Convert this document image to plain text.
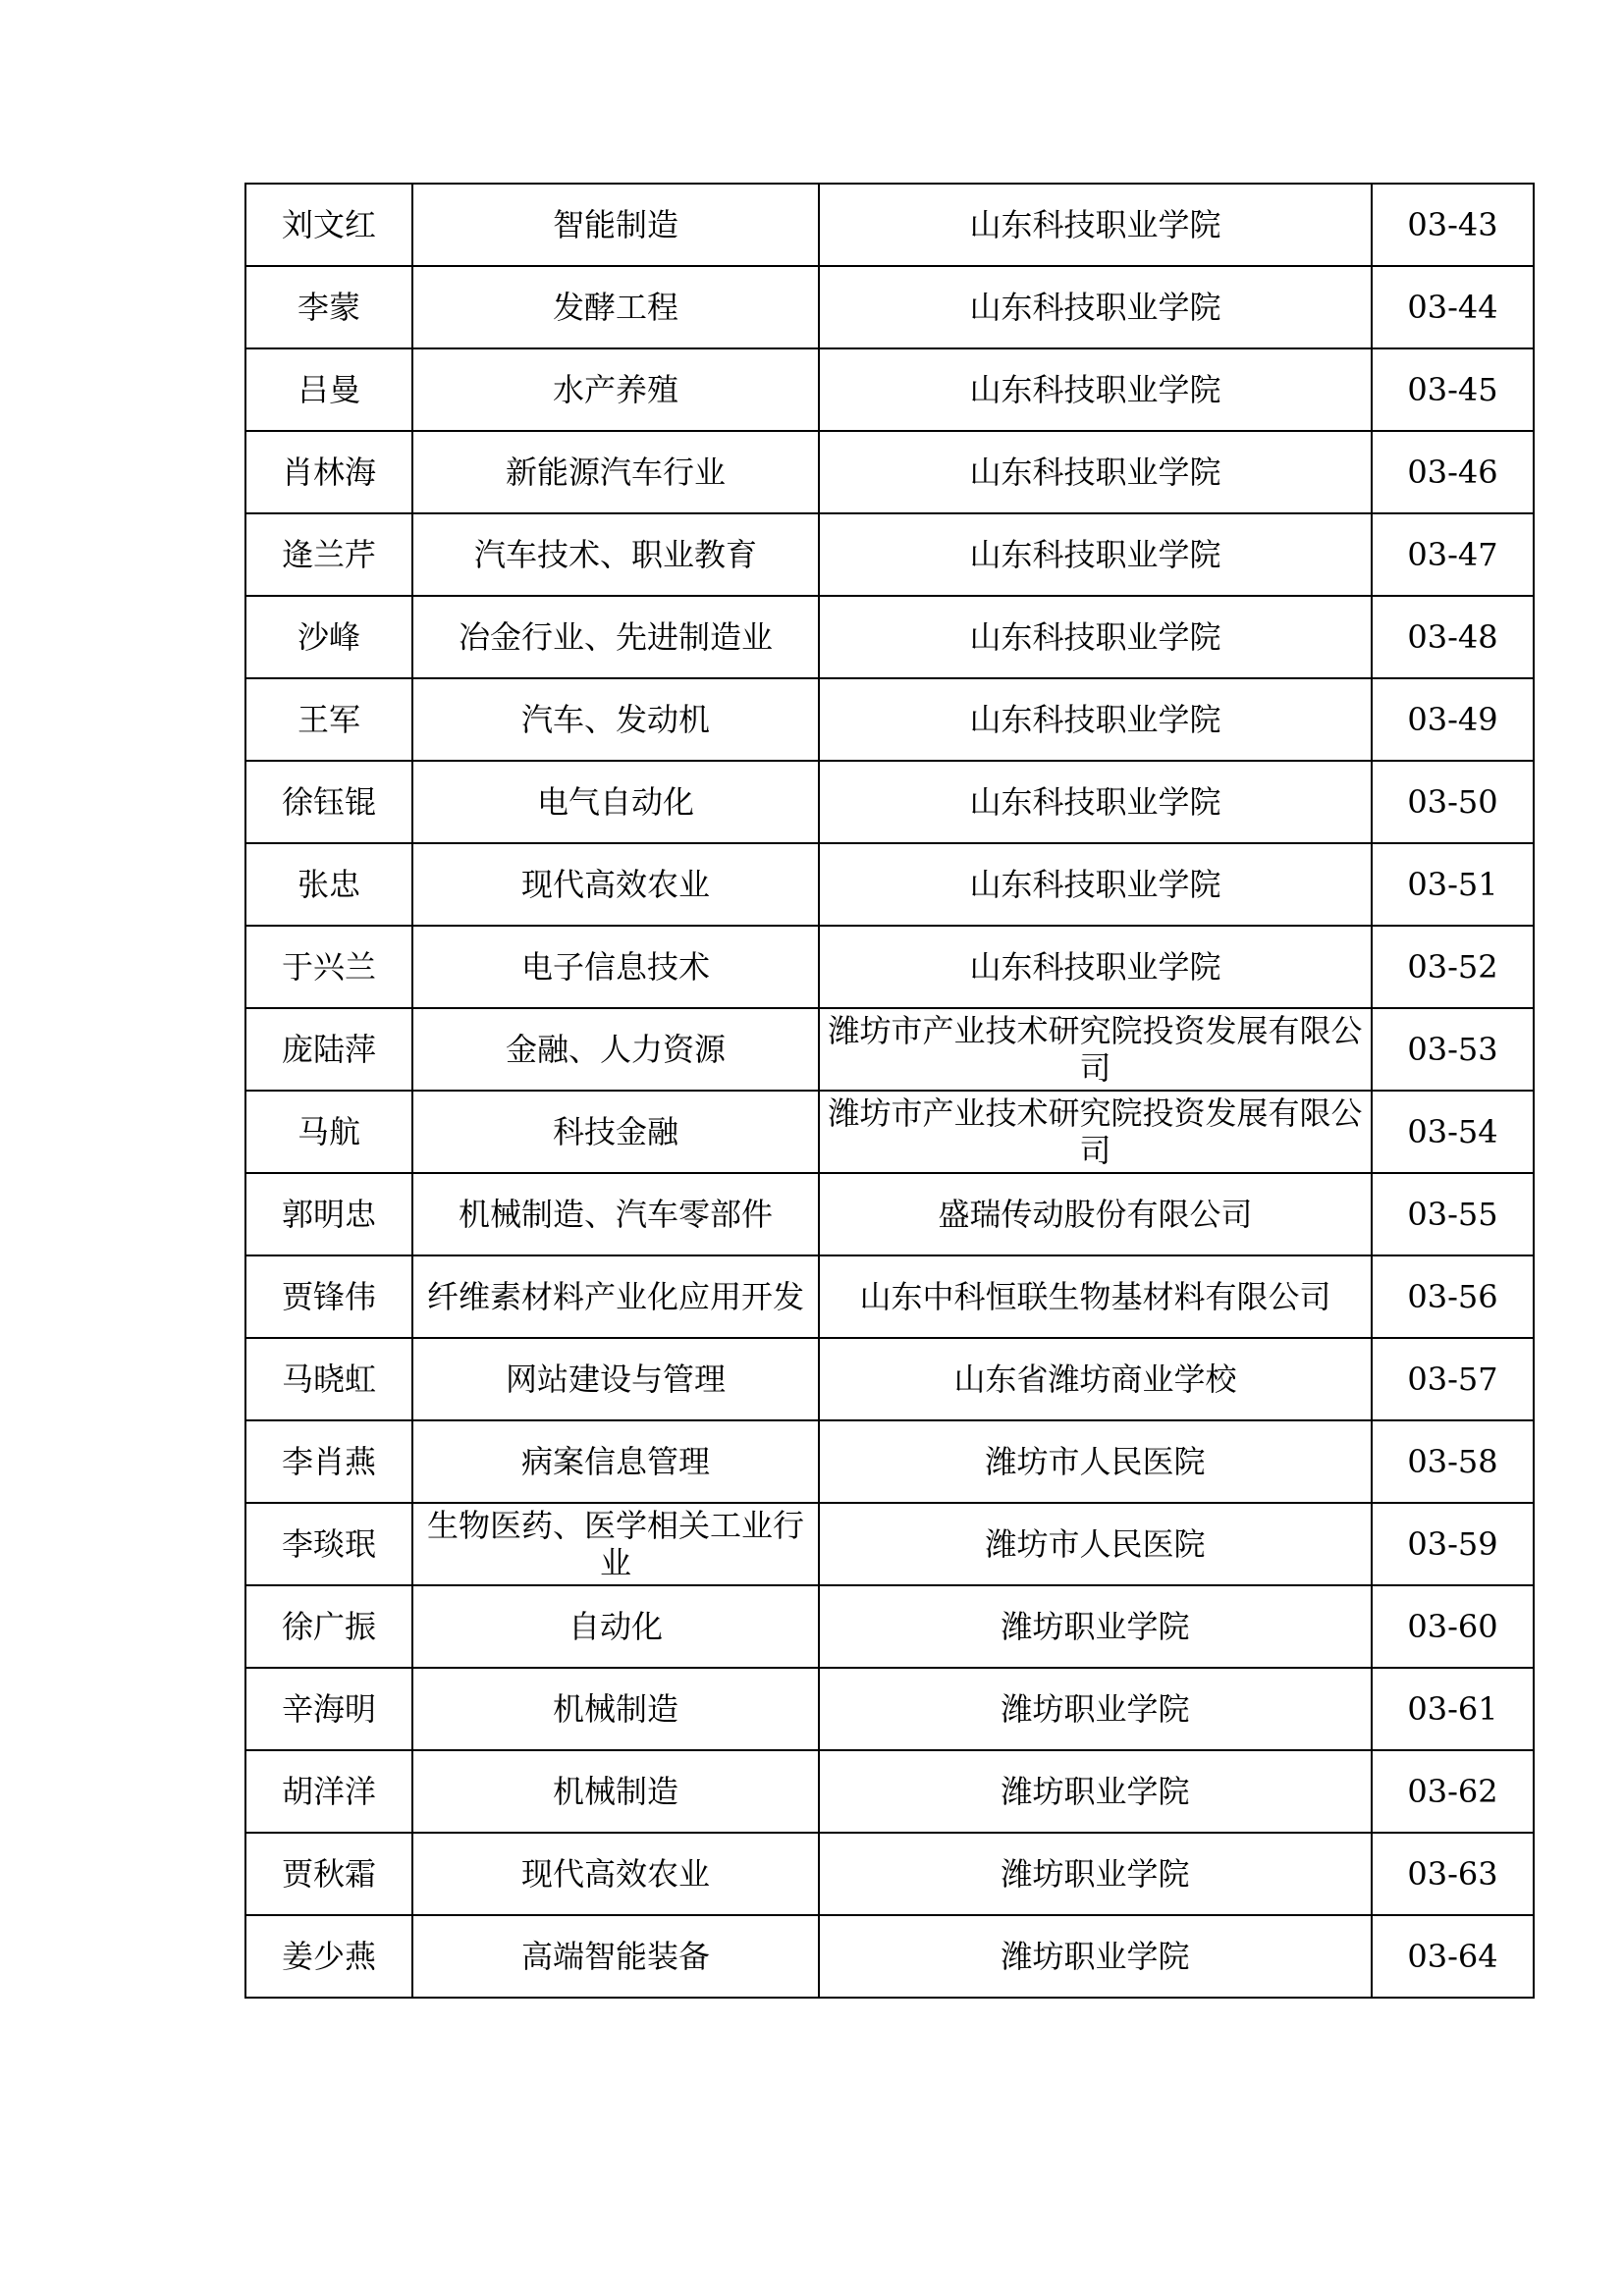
刘文红	智能制造	山东科技职业学院	03-43
李蒙	发酵工程	山东科技职业学院	03-44
吕曼	水产养殖	山东科技职业学院	03-45
肖林海	新能源汽车行业	山东科技职业学院	03-46
逄兰芹	汽车技术、职业教育	山东科技职业学院	03-47
沙峰	冶金行业、先进制造业	山东科技职业学院	03-48
王军	汽车、发动机	山东科技职业学院	03-49
徐钰锟	电气自动化	山东科技职业学院	03-50
张忠	现代高效农业	山东科技职业学院	03-51
于兴兰	电子信息技术	山东科技职业学院	03-52
庞陆萍	金融、人力资源	潍坊市产业技术研究院投资发展有限公司	03-53
马航	科技金融	潍坊市产业技术研究院投资发展有限公司	03-54
郭明忠	机械制造、汽车零部件	盛瑞传动股份有限公司	03-55
贾锋伟	纤维素材料产业化应用开发	山东中科恒联生物基材料有限公司	03-56
马晓虹	网站建设与管理	山东省潍坊商业学校	03-57
李肖燕	病案信息管理	潍坊市人民医院	03-58
李琰珉	生物医药、医学相关工业行业	潍坊市人民医院	03-59
徐广振	自动化	潍坊职业学院	03-60
辛海明	机械制造	潍坊职业学院	03-61
胡洋洋	机械制造	潍坊职业学院	03-62
贾秋霜	现代高效农业	潍坊职业学院	03-63
姜少燕	高端智能装备	潍坊职业学院	03-64
